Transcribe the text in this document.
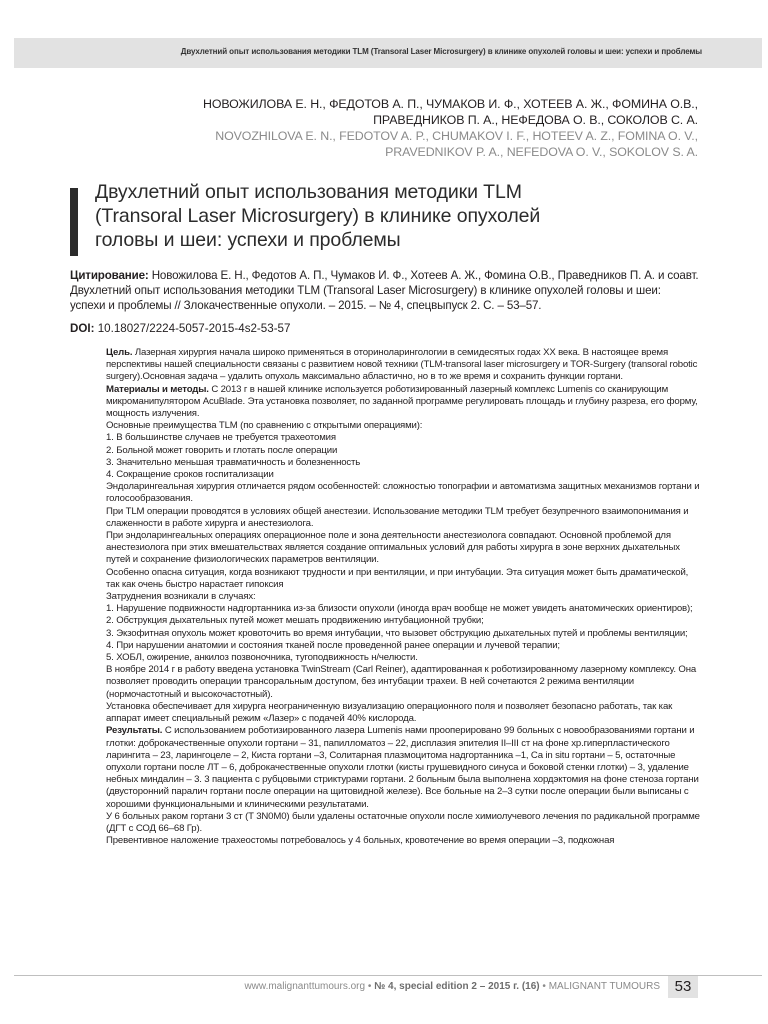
Двухлетний опыт использования методики TLM (Transoral Laser Microsurgery) в клинике опухолей головы и шеи: успехи и проблемы
НОВОЖИЛОВА Е. Н., ФЕДОТОВ А. П., ЧУМАКОВ И. Ф., ХОТЕЕВ А. Ж., ФОМИНА О.В.,
ПРАВЕДНИКОВ П. А., НЕФЕДОВА О. В., СОКОЛОВ С. А.
NOVOZHILOVA E. N., FEDOTOV A. P., CHUMAKOV I. F., HOTEEV A. Z., FOMINA O. V.,
PRAVEDNIKOV P. A., NEFEDOVA O. V., SOKOLOV S. A.
Двухлетний опыт использования методики TLM
(Transoral Laser Microsurgery) в клинике опухолей
головы и шеи: успехи и проблемы
Цитирование: Новожилова Е. Н., Федотов А. П., Чумаков И. Ф., Хотеев А. Ж., Фомина О.В., Праведников П. А. и соавт.
Двухлетний опыт использования методики TLM (Transoral Laser Microsurgery) в клинике опухолей головы и шеи:
успехи и проблемы // Злокачественные опухоли. – 2015. – № 4, спецвыпуск 2. С. – 53–57.
DOI: 10.18027/2224-5057-2015-4s2-53-57

Цель. Лазерная хирургия начала широко применяться в оториноларингологии в семидесятых годах XX века. В настоящее время перспективы нашей специальности связаны с развитием новой техники (TLM-transoral laser microsurgery и TOR-Surgery (transoral robotic surgery).Основная задача – удалить опухоль максимально абластично, но в то же время и сохранить функции гортани.

Материалы и методы. С 2013 г в нашей клинике используется роботизированный лазерный комплекс Lumenis со сканирующим микроманипулятором AcuBlade. Эта установка позволяет, по заданной программе регулировать площадь и глубину разреза, его форму, мощность излучения.

Основные преимущества TLM (по сравнению с открытыми операциями):

1. В большинстве случаев не требуется трахеотомия

2. Больной может говорить и глотать после операции

3. Значительно меньшая травматичность и болезненность

4. Сокращение сроков госпитализации

Эндоларингеальная хирургия отличается рядом особенностей: сложностью топографии и автоматизма защитных механизмов гортани и голосообразования.

При TLM операции проводятся в условиях общей анестезии. Использование методики TLM требует безупречного взаимопонимания и слаженности в работе хирурга и анестезиолога.

При эндоларингеальных операциях операционное поле и зона деятельности анестезиолога совпадают. Основной проблемой для анестезиолога при этих вмешательствах является создание оптимальных условий для работы хирурга в зоне верхних дыхательных путей и сохранение физиологических параметров вентиляции.

Особенно опасна ситуация, когда возникают трудности и при вентиляции, и при интубации. Эта ситуация может быть драматической, так как очень быстро нарастает гипоксия

Затруднения возникали в случаях:

1. Нарушение подвижности надгортанника из-за близости опухоли (иногда врач вообще не может увидеть анатомических ориентиров);

2. Обструкция дыхательных путей может мешать продвижению интубационной трубки;

3. Экзофитная опухоль может кровоточить во время интубации, что вызовет обструкцию дыхательных путей и проблемы вентиляции;

4. При нарушении анатомии и состояния тканей после проведенной ранее операции и лучевой терапии;

5. ХОБЛ, ожирение, анкилоз позвоночника, тугоподвижность н/челюсти.

В ноябре 2014 г в работу введена установка TwinStream (Carl Reiner), адаптированная к роботизированному лазерному комплексу. Она позволяет проводить операции трансоральным доступом, без интубации трахеи. В ней сочетаются 2 режима вентиляции (нормочастотный и высокочастотный).

Установка обеспечивает для хирурга неограниченную визуализацию операционного поля и позволяет безопасно работать, так как аппарат имеет специальный режим «Лазер» с подачей 40% кислорода.

Результаты. С использованием роботизированного лазера Lumenis нами прооперировано 99 больных с новообразованиями гортани и глотки: доброкачественные опухоли гортани – 31, папилломатоз – 22, дисплазия эпителия II–III ст на фоне хр.гиперпластического ларингита – 23, ларингоцеле – 2, Киста гортани –3, Солитарная плазмоцитома надгортанника –1, Ca in situ гортани – 5, остаточные опухоли гортани после ЛТ – 6, доброкачественные опухоли глотки (кисты грушевидного синуса и боковой стенки глотки) – 3, удаление небных миндалин – 3. 3 пациента с рубцовыми стриктурами гортани. 2 больным была выполнена хордэктомия на фоне стеноза гортани (двусторонний паралич гортани после операции на щитовидной железе). Все больные на 2–3 сутки после операции были выписаны с хорошими функциональными и клиническими результатами.

У 6 больных раком гортани 3 ст (T 3N0M0) были удалены остаточные опухоли после химиолучевого лечения по радикальной программе (ДГТ с СОД 66–68 Гр).

Превентивное наложение трахеостомы потребовалось у 4 больных, кровотечение во время операции –3, подкожная

www.malignanttumours.org • № 4, special edition 2 – 2015 г. (16) • MALIGNANT TUMOURS 53
